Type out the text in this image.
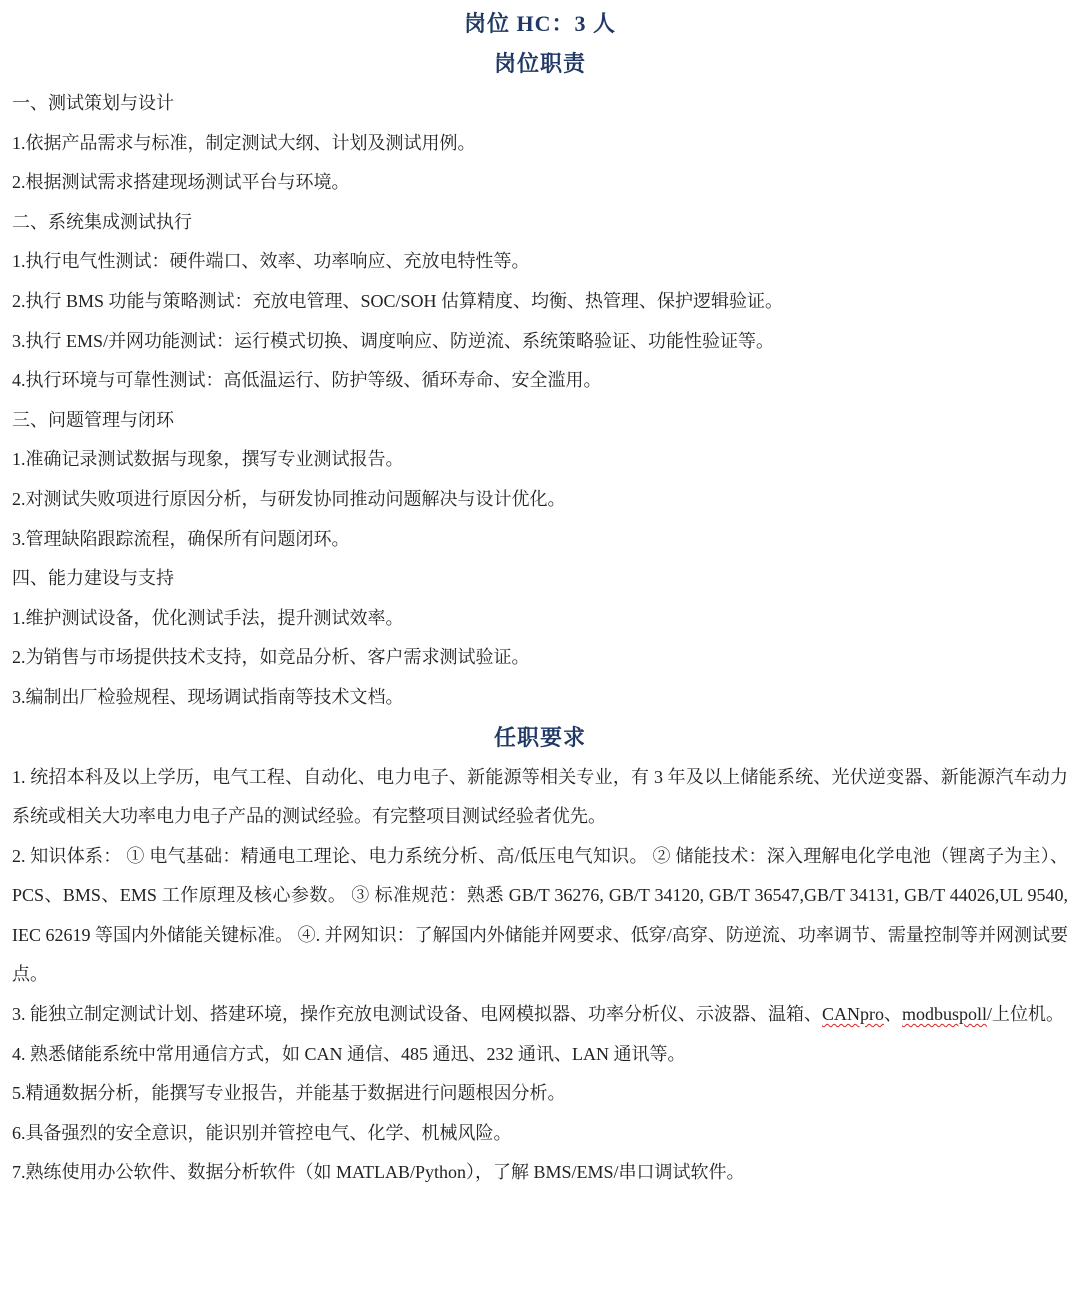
岗位 HC：3 人
岗位职责
一、测试策划与设计
1.依据产品需求与标准，制定测试大纲、计划及测试用例。
2.根据测试需求搭建现场测试平台与环境。
二、系统集成测试执行
1.执行电气性测试：硬件端口、效率、功率响应、充放电特性等。
2.执行 BMS 功能与策略测试：充放电管理、SOC/SOH 估算精度、均衡、热管理、保护逻辑验证。
3.执行 EMS/并网功能测试：运行模式切换、调度响应、防逆流、系统策略验证、功能性验证等。
4.执行环境与可靠性测试：高低温运行、防护等级、循环寿命、安全滥用。
三、问题管理与闭环
1.准确记录测试数据与现象，撰写专业测试报告。
2.对测试失败项进行原因分析，与研发协同推动问题解决与设计优化。
3.管理缺陷跟踪流程，确保所有问题闭环。
四、能力建设与支持
1.维护测试设备，优化测试手法，提升测试效率。
2.为销售与市场提供技术支持，如竞品分析、客户需求测试验证。
3.编制出厂检验规程、现场调试指南等技术文档。
任职要求
1. 统招本科及以上学历，电气工程、自动化、电力电子、新能源等相关专业，有 3 年及以上储能系统、光伏逆变器、新能源汽车动力系统或相关大功率电力电子产品的测试经验。有完整项目测试经验者优先。
2. 知识体系： ① 电气基础：精通电工理论、电力系统分析、高/低压电气知识。 ② 储能技术：深入理解电化学电池（锂离子为主）、PCS、BMS、EMS 工作原理及核心参数。 ③ 标准规范：熟悉 GB/T 36276, GB/T 34120, GB/T 36547,GB/T 34131, GB/T 44026,UL 9540, IEC 62619 等国内外储能关键标准。 ④. 并网知识：了解国内外储能并网要求、低穿/高穿、防逆流、功率调节、需量控制等并网测试要点。
3. 能独立制定测试计划、搭建环境，操作充放电测试设备、电网模拟器、功率分析仪、示波器、温箱、CANpro、modbuspoll/上位机。
4. 熟悉储能系统中常用通信方式，如 CAN 通信、485 通迅、232 通讯、LAN 通讯等。
5.精通数据分析，能撰写专业报告，并能基于数据进行问题根因分析。
6.具备强烈的安全意识，能识别并管控电气、化学、机械风险。
7.熟练使用办公软件、数据分析软件（如 MATLAB/Python），了解 BMS/EMS/串口调试软件。
